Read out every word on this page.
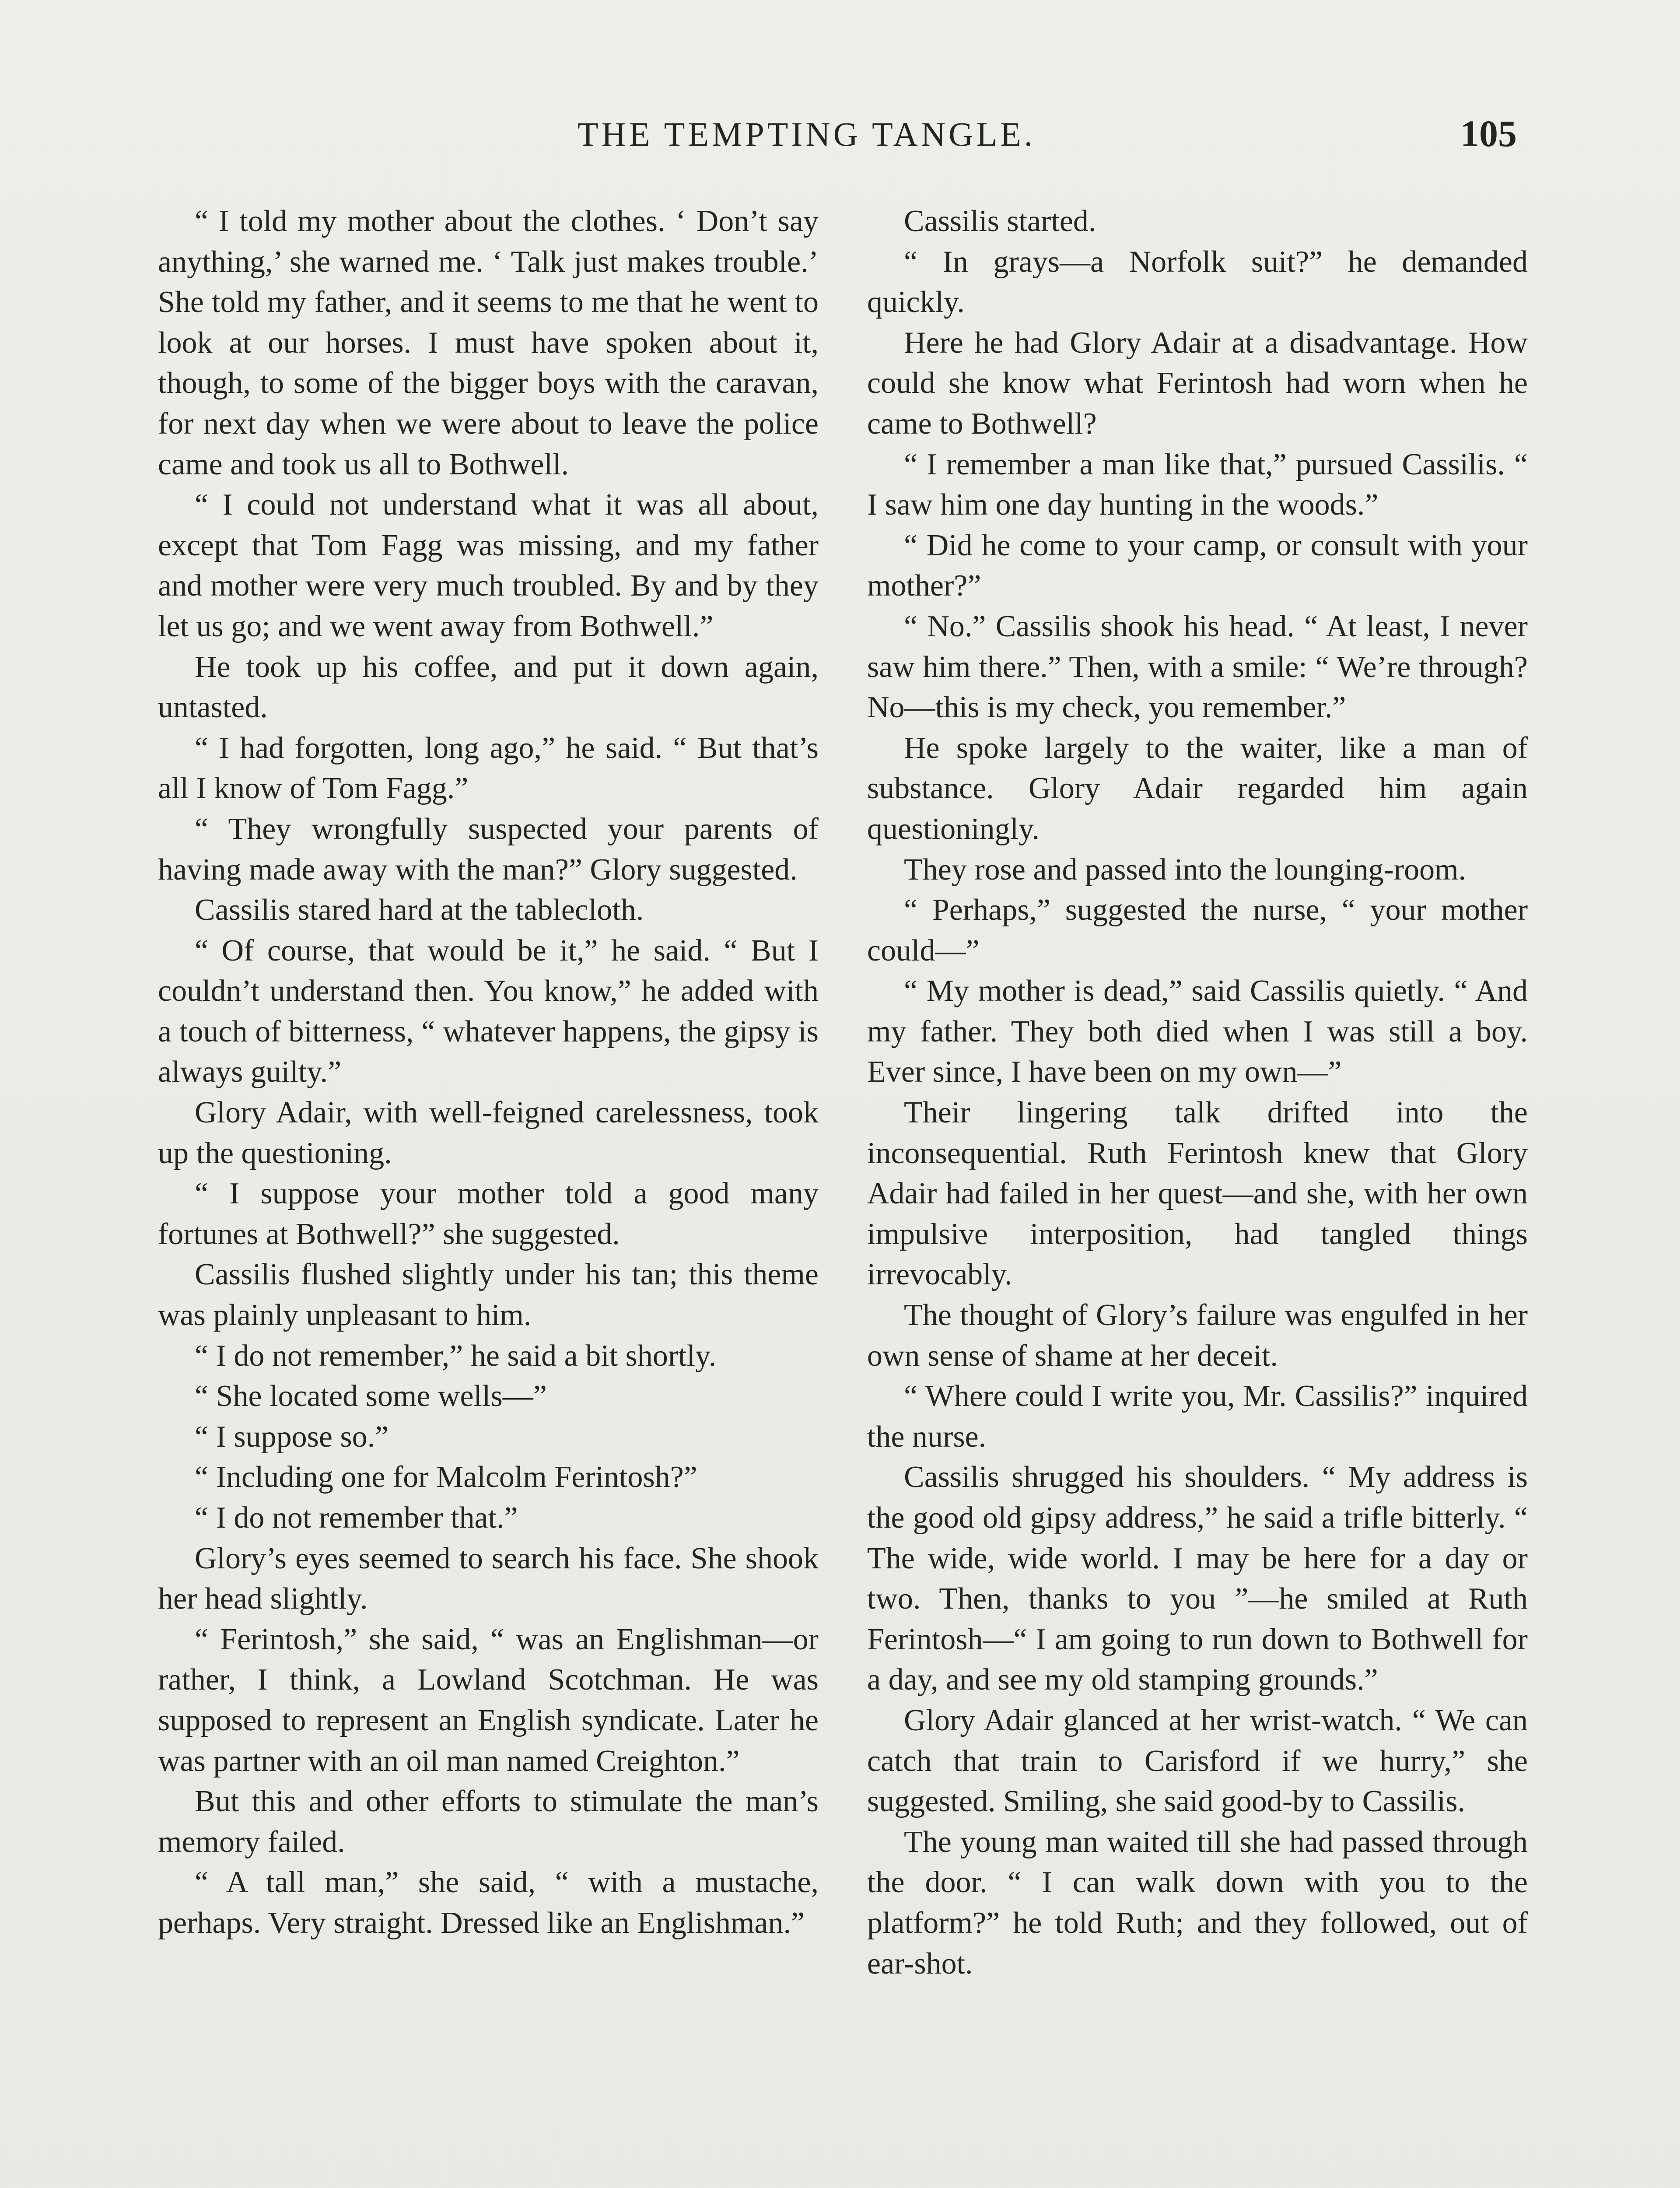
THE TEMPTING TANGLE.	105

“ I told my mother about the clothes. ‘ Don’t say anything,’ she warned me. ‘ Talk just makes trouble.’ She told my father, and it seems to me that he went to look at our horses. I must have spoken about it, though, to some of the bigger boys with the caravan, for next day when we were about to leave the police came and took us all to Bothwell.

“ I could not understand what it was all about, except that Tom Fagg was missing, and my father and mother were very much troubled. By and by they let us go; and we went away from Bothwell.”

He took up his coffee, and put it down again, untasted.

“ I had forgotten, long ago,” he said. “ But that’s all I know of Tom Fagg.”

“ They wrongfully suspected your parents of having made away with the man?” Glory suggested.

Cassilis stared hard at the tablecloth.

“ Of course, that would be it,” he said. “ But I couldn’t understand then. You know,” he added with a touch of bitterness, “ whatever happens, the gipsy is always guilty.”

Glory Adair, with well-feigned carelessness, took up the questioning.

“ I suppose your mother told a good many fortunes at Bothwell?” she suggested.

Cassilis flushed slightly under his tan; this theme was plainly unpleasant to him.

“ I do not remember,” he said a bit shortly.

“ She located some wells—”

“ I suppose so.”

“ Including one for Malcolm Ferintosh?”

“ I do not remember that.”

Glory’s eyes seemed to search his face. She shook her head slightly.

“ Ferintosh,” she said, “ was an Englishman—or rather, I think, a Lowland Scotchman. He was supposed to represent an English syndicate. Later he was partner with an oil man named Creighton.”

But this and other efforts to stimulate the man’s memory failed.

“ A tall man,” she said, “ with a mustache, perhaps. Very straight. Dressed like an Englishman.”

Cassilis started.

“ In grays—a Norfolk suit?” he demanded quickly.

Here he had Glory Adair at a disadvantage. How could she know what Ferintosh had worn when he came to Bothwell?

“ I remember a man like that,” pursued Cassilis. “ I saw him one day hunting in the woods.”

“ Did he come to your camp, or consult with your mother?”

“ No.” Cassilis shook his head. “ At least, I never saw him there.” Then, with a smile: “ We’re through? No—this is my check, you remember.”

He spoke largely to the waiter, like a man of substance. Glory Adair regarded him again questioningly.

They rose and passed into the lounging-room.

“ Perhaps,” suggested the nurse, “ your mother could—”

“ My mother is dead,” said Cassilis quietly. “ And my father. They both died when I was still a boy. Ever since, I have been on my own—”

Their lingering talk drifted into the inconsequential. Ruth Ferintosh knew that Glory Adair had failed in her quest—and she, with her own impulsive interposition, had tangled things irrevocably.

The thought of Glory’s failure was engulfed in her own sense of shame at her deceit.

“ Where could I write you, Mr. Cassilis?” inquired the nurse.

Cassilis shrugged his shoulders. “ My address is the good old gipsy address,” he said a trifle bitterly. “ The wide, wide world. I may be here for a day or two. Then, thanks to you ”—he smiled at Ruth Ferintosh—“ I am going to run down to Bothwell for a day, and see my old stamping grounds.”

Glory Adair glanced at her wrist-watch. “ We can catch that train to Carisford if we hurry,” she suggested. Smiling, she said good-by to Cassilis.

The young man waited till she had passed through the door. “ I can walk down with you to the platform?” he told Ruth; and they followed, out of ear-shot.
